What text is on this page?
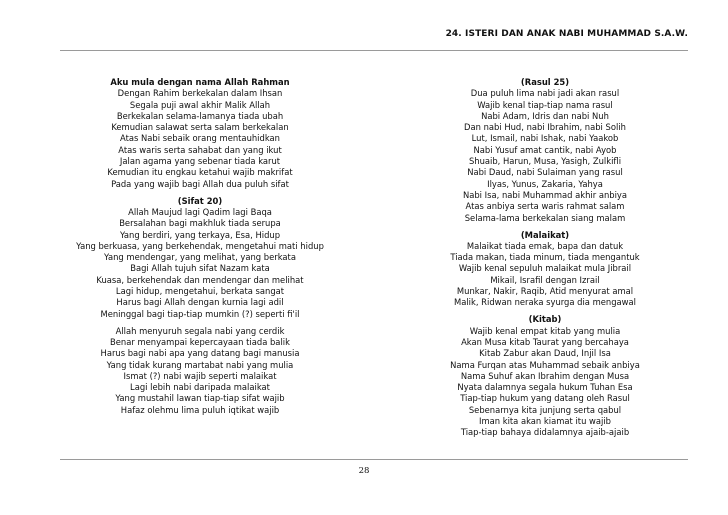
24. ISTERI DAN ANAK NABI MUHAMMAD S.A.W.
Aku mula dengan nama Allah Rahman
Dengan Rahim berkekalan dalam Ihsan
Segala puji awal akhir Malik Allah
Berkekalan selama-lamanya tiada ubah
Kemudian salawat serta salam berkekalan
Atas Nabi sebaik orang mentauhidkan
Atas waris serta sahabat dan yang ikut
Jalan agama yang sebenar tiada karut
Kemudian itu engkau ketahui wajib makrifat
Pada yang wajib bagi Allah dua puluh sifat
(Sifat 20)
Allah Maujud lagi Qadim lagi Baqa
Bersalahan bagi makhluk tiada serupa
Yang berdiri, yang terkaya, Esa, Hidup
Yang berkuasa, yang berkehendak, mengetahui mati hidup
Yang mendengar, yang melihat, yang berkata
Bagi Allah tujuh sifat Nazam kata
Kuasa, berkehendak dan mendengar dan melihat
Lagi hidup, mengetahui, berkata sangat
Harus bagi Allah dengan kurnia lagi adil
Meninggal bagi tiap-tiap mumkin (?) seperti fi'il
Allah menyuruh segala nabi yang cerdik
Benar menyampai kepercayaan tiada balik
Harus bagi nabi apa yang datang bagi manusia
Yang tidak kurang martabat nabi yang mulia
Ismat (?) nabi wajib seperti malaikat
Lagi lebih nabi daripada malaikat
Yang mustahil lawan tiap-tiap sifat wajib
Hafaz olehmu lima puluh iqtikat wajib
(Rasul 25)
Dua puluh lima nabi jadi akan rasul
Wajib kenal tiap-tiap nama rasul
Nabi Adam, Idris dan nabi Nuh
Dan nabi Hud, nabi Ibrahim, nabi Solih
Lut, Ismail, nabi Ishak, nabi Yaakob
Nabi Yusuf amat cantik, nabi Ayob
Shuaib, Harun, Musa, Yasigh, Zulkifli
Nabi Daud, nabi Sulaiman yang rasul
Ilyas, Yunus, Zakaria, Yahya
Nabi Isa, nabi Muhammad akhir anbiya
Atas anbiya serta waris rahmat salam
Selama-lama berkekalan siang malam
(Malaikat)
Malaikat tiada emak, bapa dan datuk
Tiada makan, tiada minum, tiada mengantuk
Wajib kenal sepuluh malaikat mula Jibrail
Mikail, Israfil dengan Izrail
Munkar, Nakir, Raqib, Atid menyurat amal
Malik, Ridwan neraka syurga dia mengawal
(Kitab)
Wajib kenal empat kitab yang mulia
Akan Musa kitab Taurat yang bercahaya
Kitab Zabur akan Daud, Injil Isa
Nama Furqan atas Muhammad sebaik anbiya
Nama Suhuf akan Ibrahim dengan Musa
Nyata dalamnya segala hukum Tuhan Esa
Tiap-tiap hukum yang datang oleh Rasul
Sebenarnya kita junjung serta qabul
Iman kita akan kiamat itu wajib
Tiap-tiap bahaya didalamnya ajaib-ajaib
28
